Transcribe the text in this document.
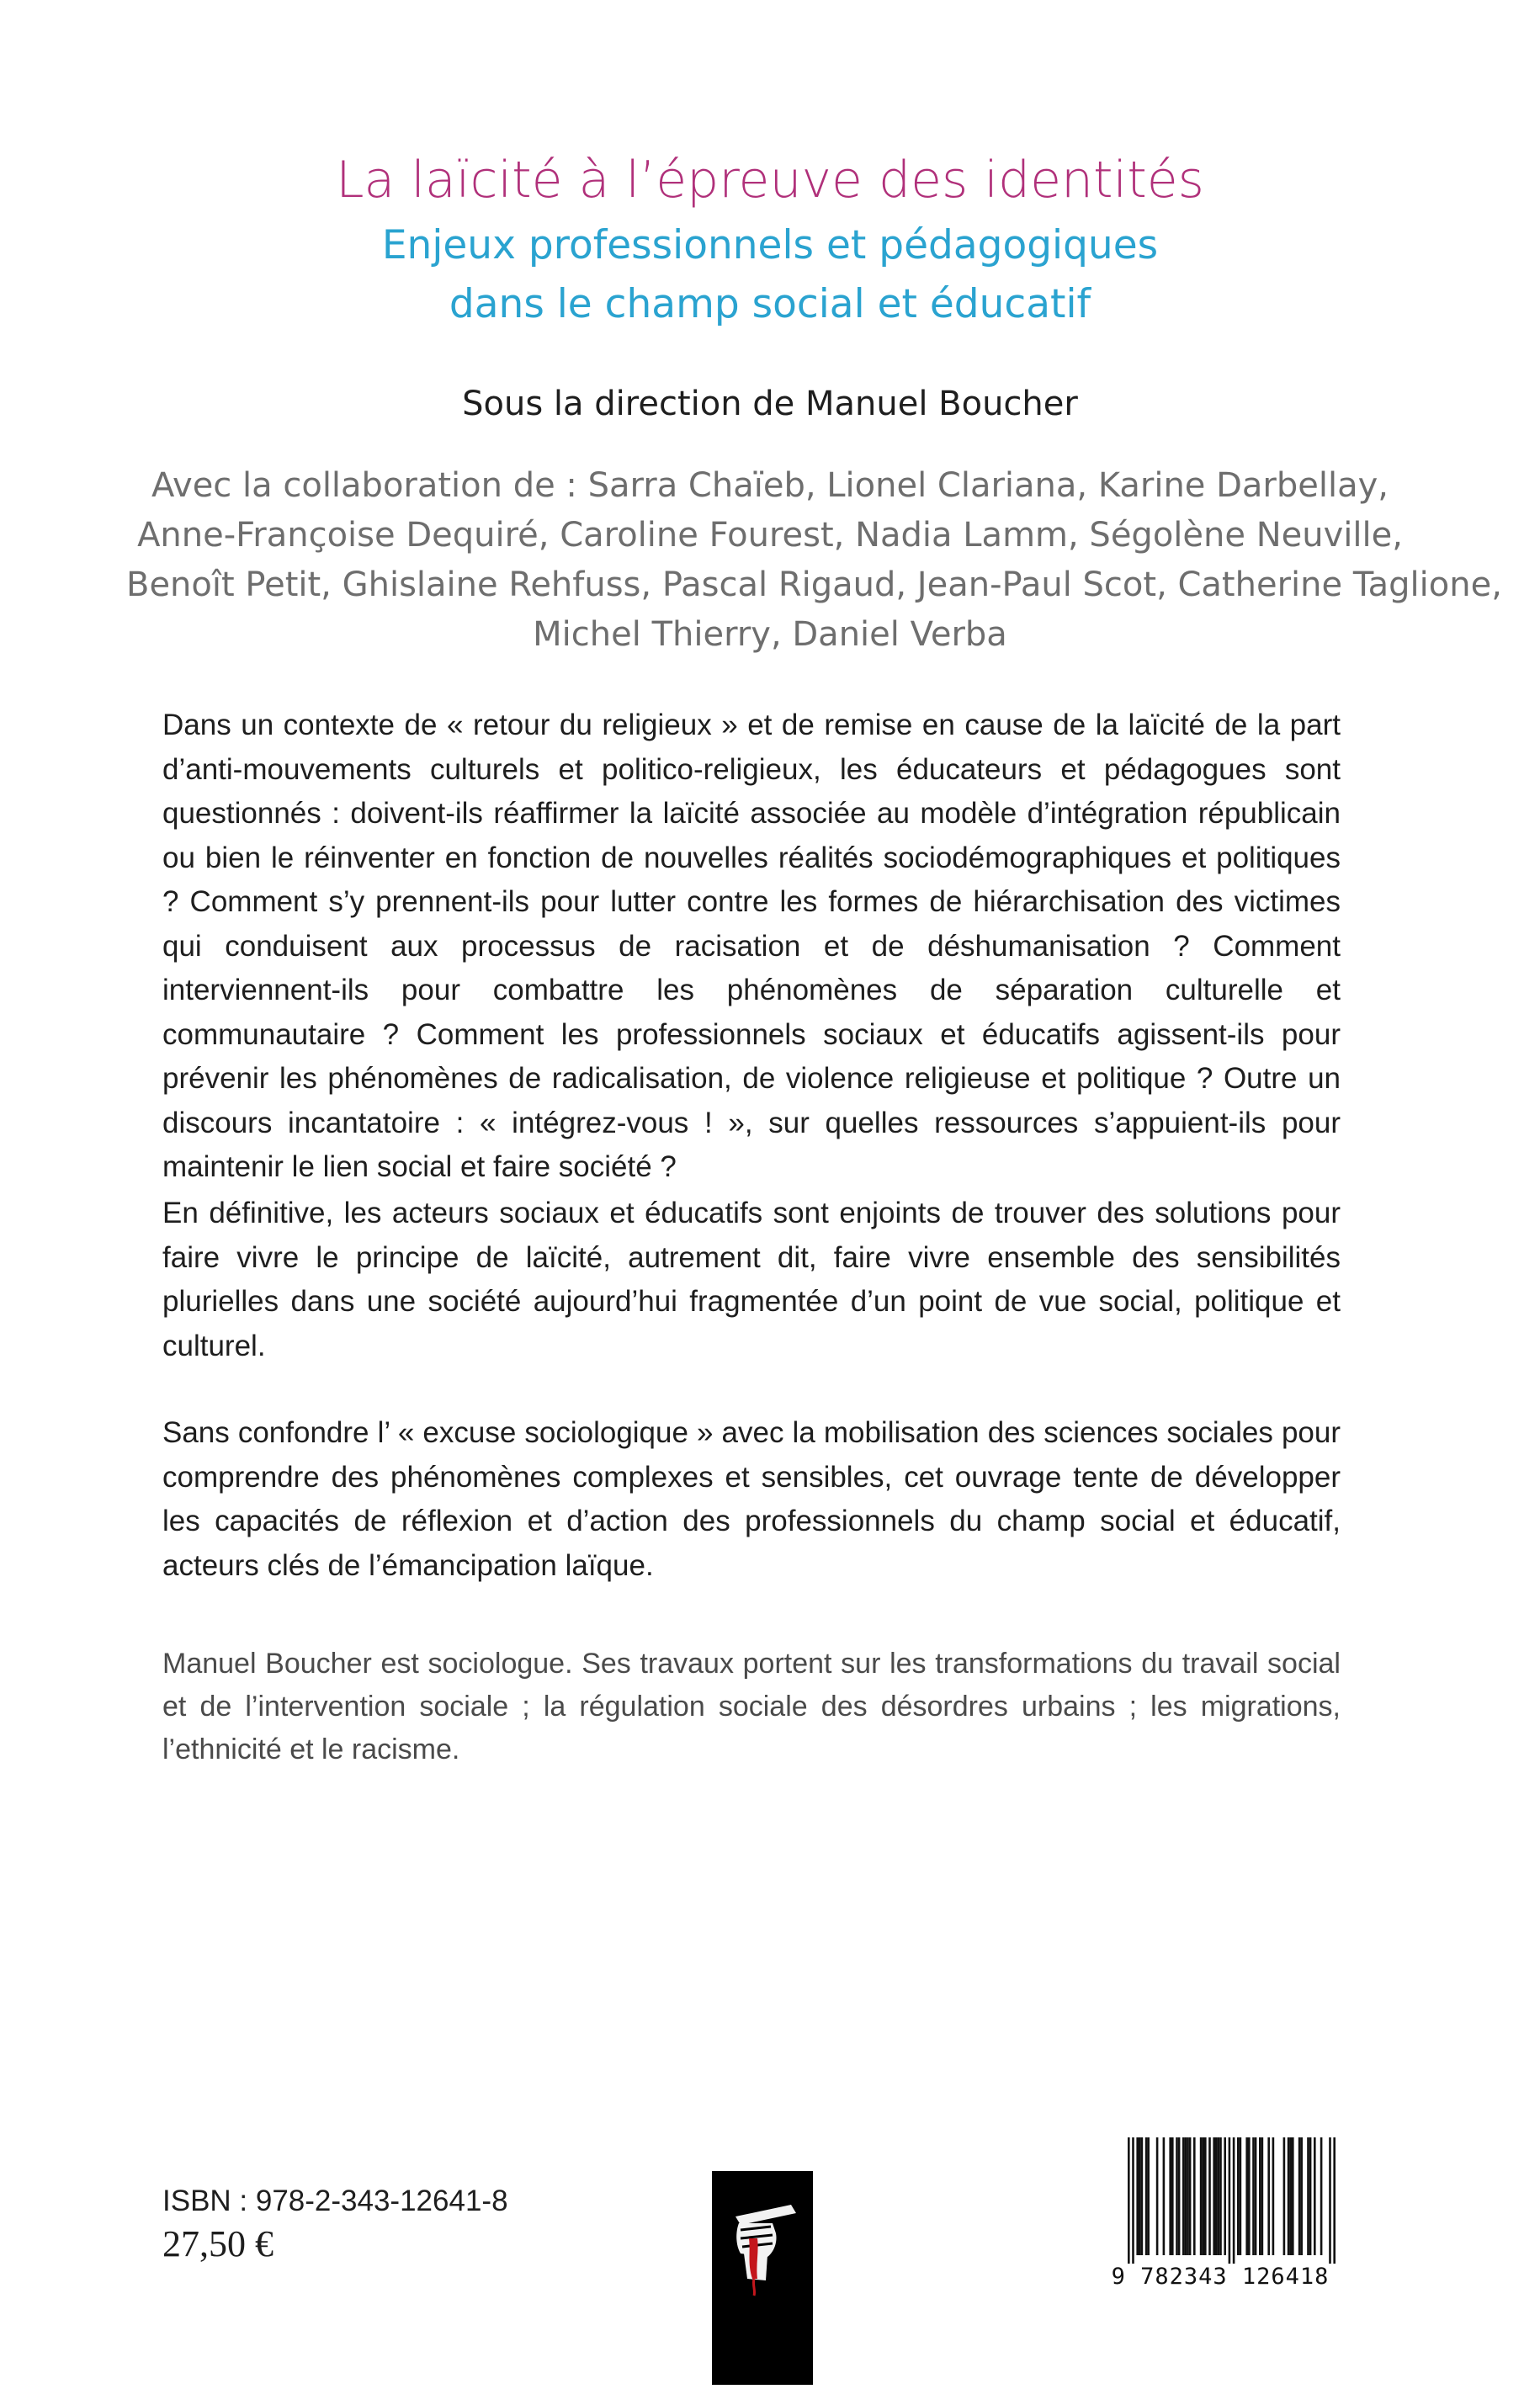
La laïcité à l’épreuve des identités
Enjeux professionnels et pédagogiques
dans le champ social et éducatif
Sous la direction de Manuel Boucher
Avec la collaboration de : Sarra Chaïeb, Lionel Clariana, Karine Darbellay,
Anne-Françoise Dequiré, Caroline Fourest, Nadia Lamm, Ségolène Neuville,
Benoît Petit, Ghislaine Rehfuss, Pascal Rigaud, Jean-Paul Scot, Catherine Taglione,
Michel Thierry, Daniel Verba
Dans un contexte de « retour du religieux » et de remise en cause de la laïcité de la part d’anti-mouvements culturels et politico-religieux, les éducateurs et pédagogues sont questionnés : doivent-ils réaffirmer la laïcité associée au modèle d’intégration républicain ou bien le réinventer en fonction de nouvelles réalités sociodémographiques et politiques ? Comment s’y prennent-ils pour lutter contre les formes de hiérarchisation des victimes qui conduisent aux processus de racisation et de déshumanisation ? Comment interviennent-ils pour combattre les phénomènes de séparation culturelle et communautaire ? Comment les professionnels sociaux et éducatifs agissent-ils pour prévenir les phénomènes de radicalisation, de violence religieuse et politique ? Outre un discours incantatoire : « intégrez-vous ! », sur quelles ressources s’appuient-ils pour maintenir le lien social et faire société ?
En définitive, les acteurs sociaux et éducatifs sont enjoints de trouver des solutions pour faire vivre le principe de laïcité, autrement dit, faire vivre ensemble des sensibilités plurielles dans une société aujourd’hui fragmentée d’un point de vue social, politique et culturel.
Sans confondre l’ « excuse sociologique » avec la mobilisation des sciences sociales pour comprendre des phénomènes complexes et sensibles, cet ouvrage tente de développer les capacités de réflexion et d’action des professionnels du champ social et éducatif, acteurs clés de l’émancipation laïque.
Manuel Boucher est sociologue. Ses travaux portent sur les transformations du travail social et de l’intervention sociale ; la régulation sociale des désordres urbains ; les migrations, l’ethnicité et le racisme.
ISBN : 978-2-343-12641-8
27,50 €
9 782343 126418
